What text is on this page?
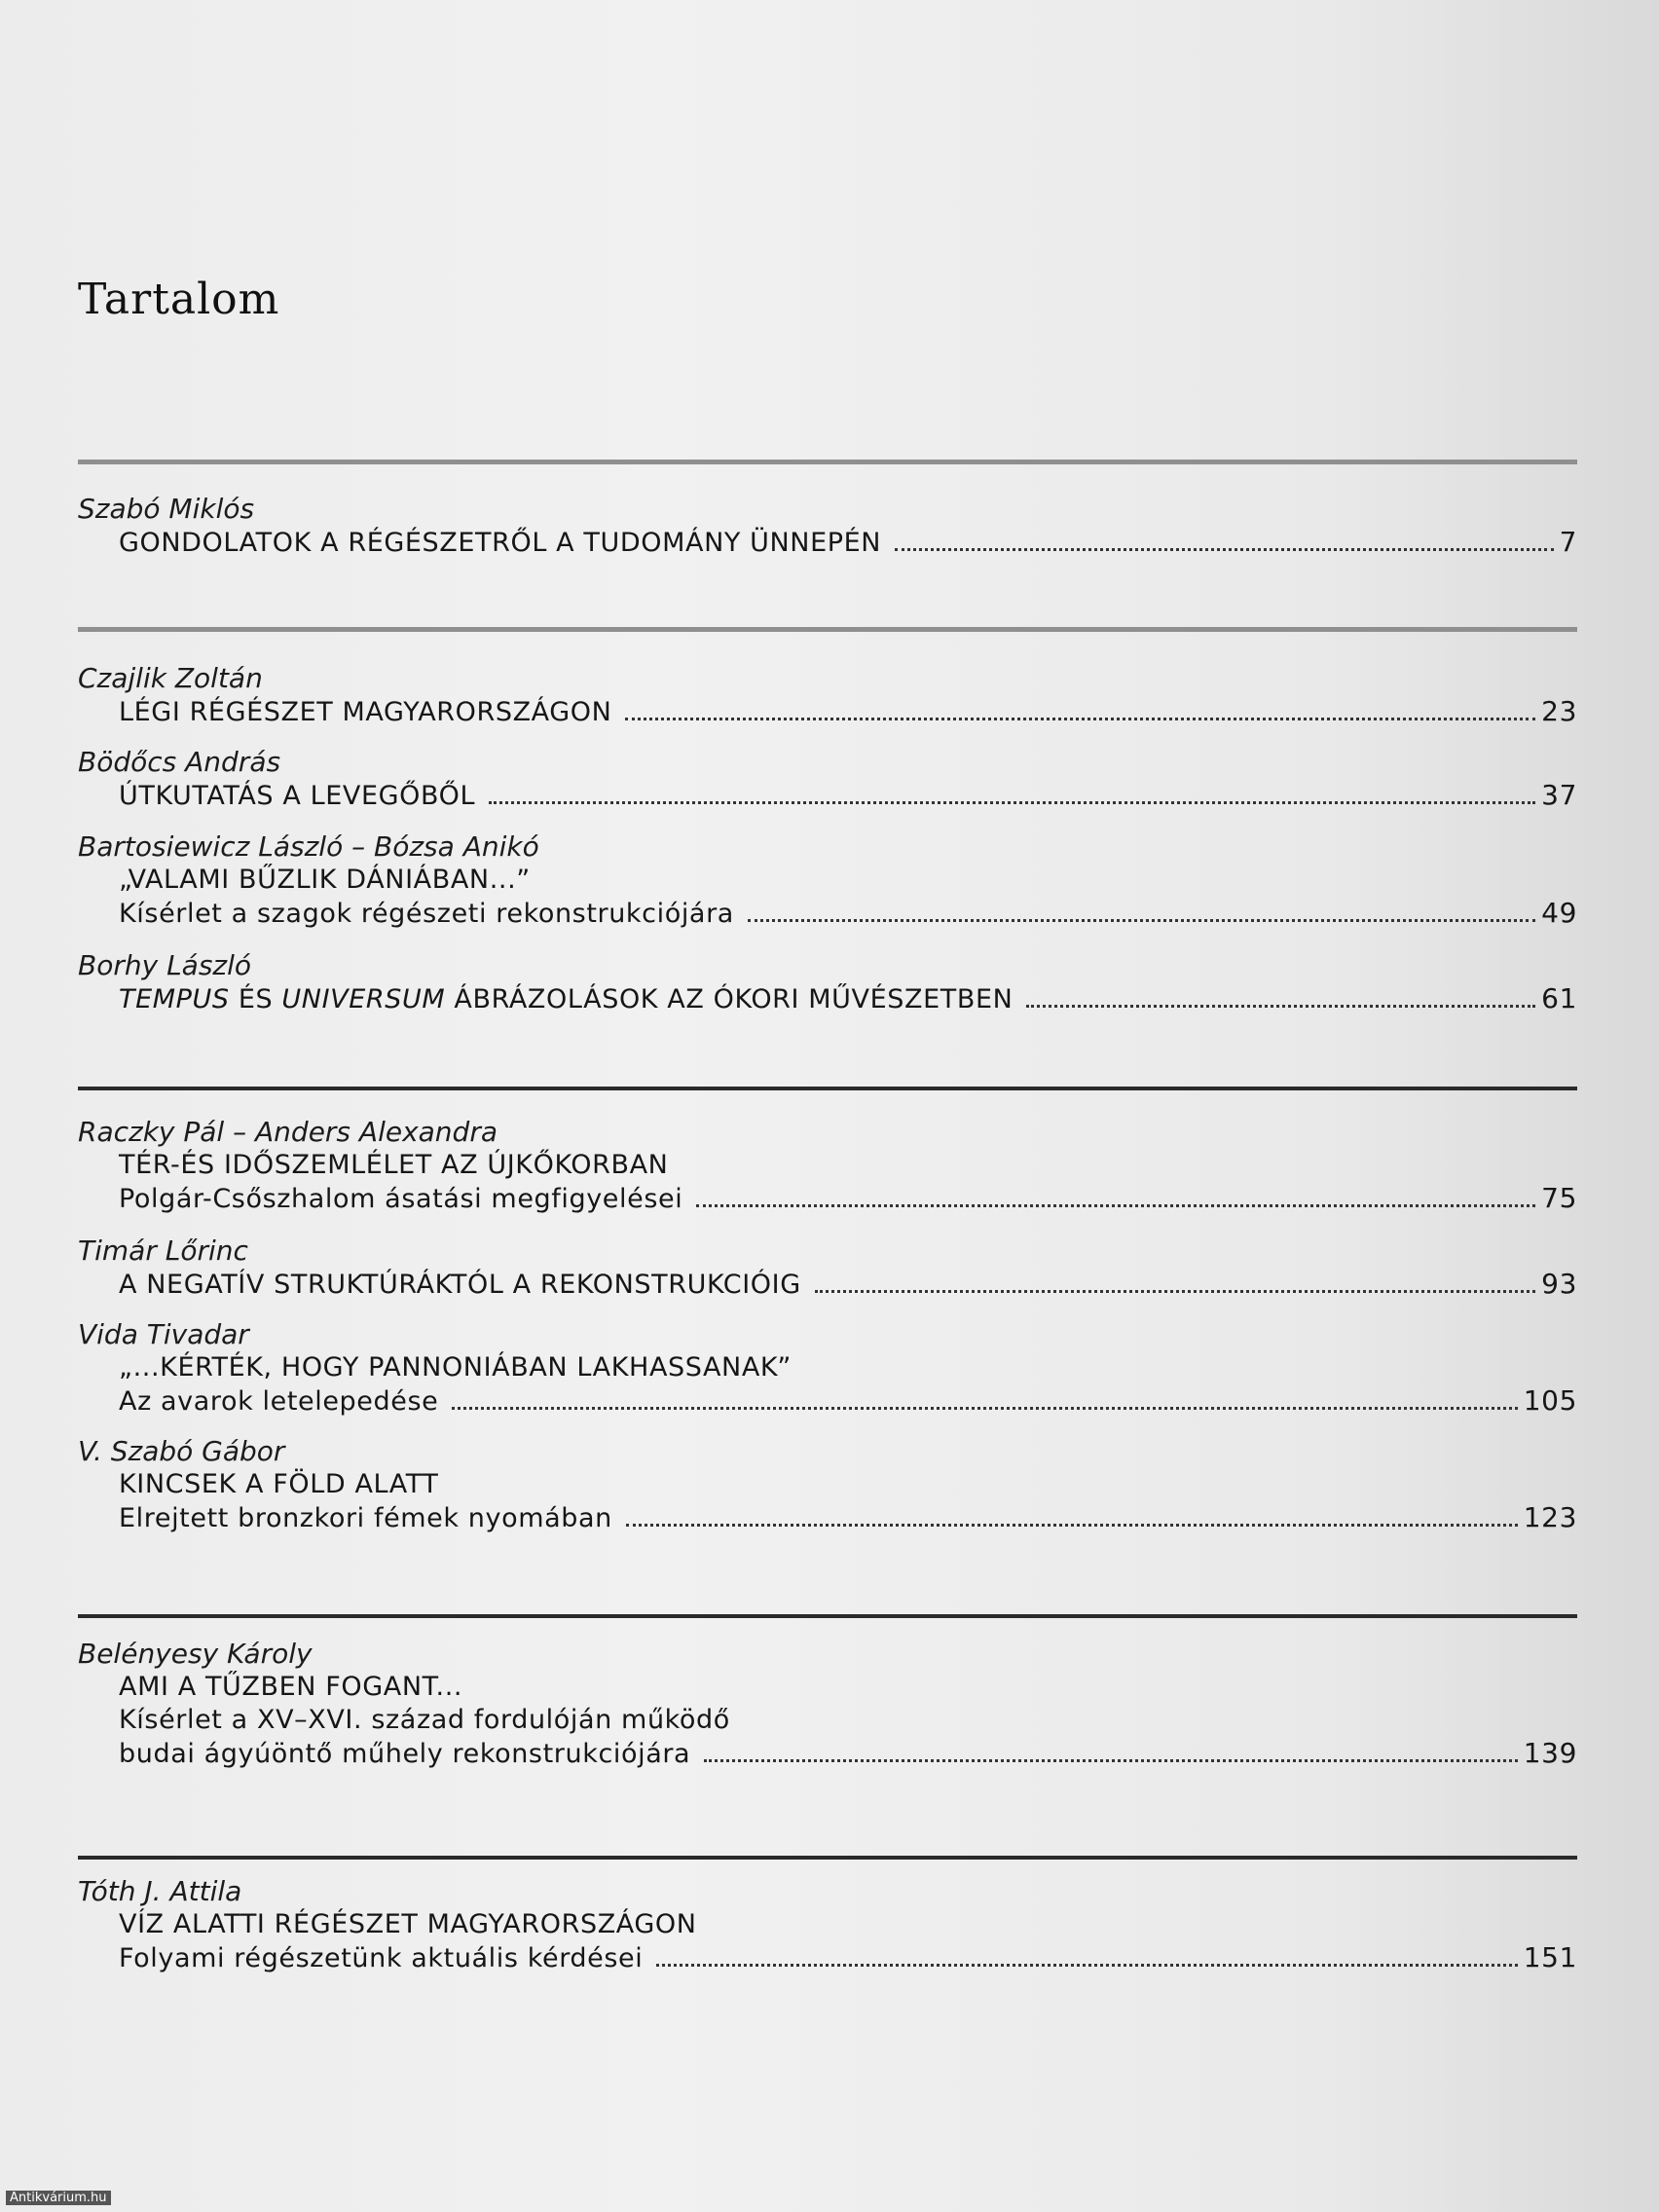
Tartalom
Szabó Miklós
GONDOLATOK A RÉGÉSZETRŐL A TUDOMÁNY ÜNNEPÉN	7
Czajlik Zoltán
LÉGI RÉGÉSZET MAGYARORSZÁGON	23
Bödőcs András
ÚTKUTATÁS A LEVEGŐBŐL	37
Bartosiewicz László – Bózsa Anikó
„VALAMI BŰZLIK DÁNIÁBAN...”
Kísérlet a szagok régészeti rekonstrukciójára	49
Borhy László
TEMPUS ÉS UNIVERSUM ÁBRÁZOLÁSOK AZ ÓKORI MŰVÉSZETBEN	61
Raczky Pál – Anders Alexandra
TÉR-ÉS IDŐSZEMLÉLET AZ ÚJKŐKORBAN
Polgár-Csőszhalom ásatási megfigyelései	75
Timár Lőrinc
A NEGATÍV STRUKTÚRÁKTÓL A REKONSTRUKCIÓIG	93
Vida Tivadar
„...KÉRTÉK, HOGY PANNONIÁBAN LAKHASSANAK”
Az avarok letelepedése	105
V. Szabó Gábor
KINCSEK A FÖLD ALATT
Elrejtett bronzkori fémek nyomában	123
Belényesy Károly
AMI A TŰZBEN FOGANT...
Kísérlet a XV–XVI. század fordulóján működő
budai ágyúöntő műhely rekonstrukciójára	139
Tóth J. Attila
VÍZ ALATTI RÉGÉSZET MAGYARORSZÁGON
Folyami régészetünk aktuális kérdései	151
Antikvárium.hu
